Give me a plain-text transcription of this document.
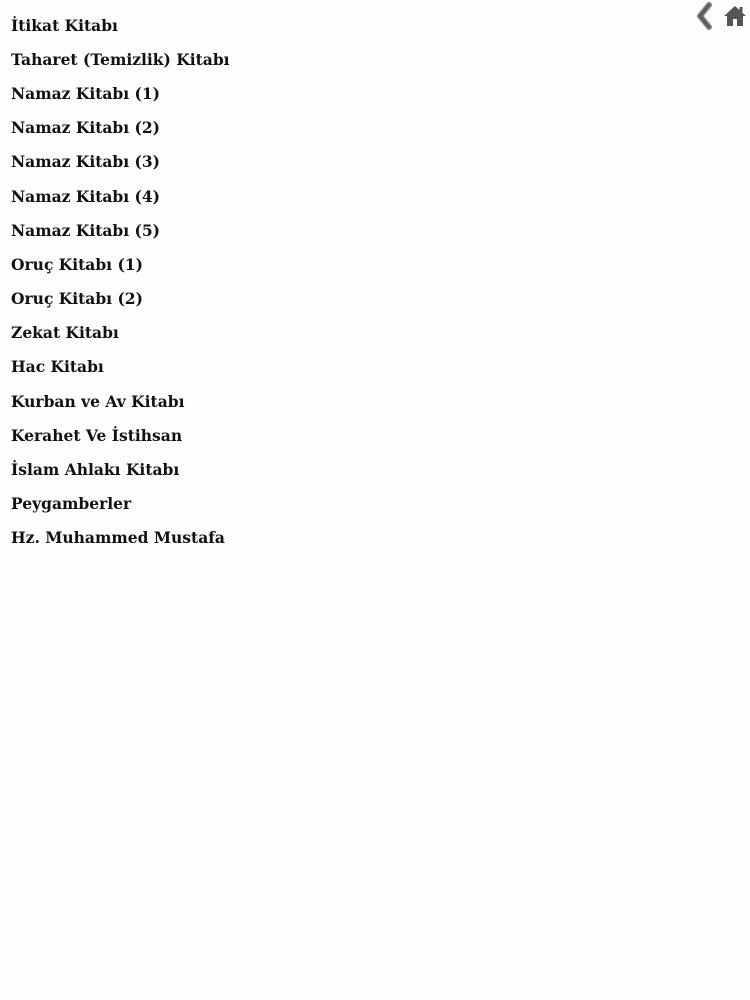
İtikat Kitabı
Taharet (Temizlik) Kitabı
Namaz Kitabı (1)
Namaz Kitabı (2)
Namaz Kitabı (3)
Namaz Kitabı (4)
Namaz Kitabı (5)
Oruç Kitabı (1)
Oruç Kitabı (2)
Zekat Kitabı
Hac Kitabı
Kurban ve Av Kitabı
Kerahet Ve İstihsan
İslam Ahlakı Kitabı
Peygamberler
Hz. Muhammed Mustafa
